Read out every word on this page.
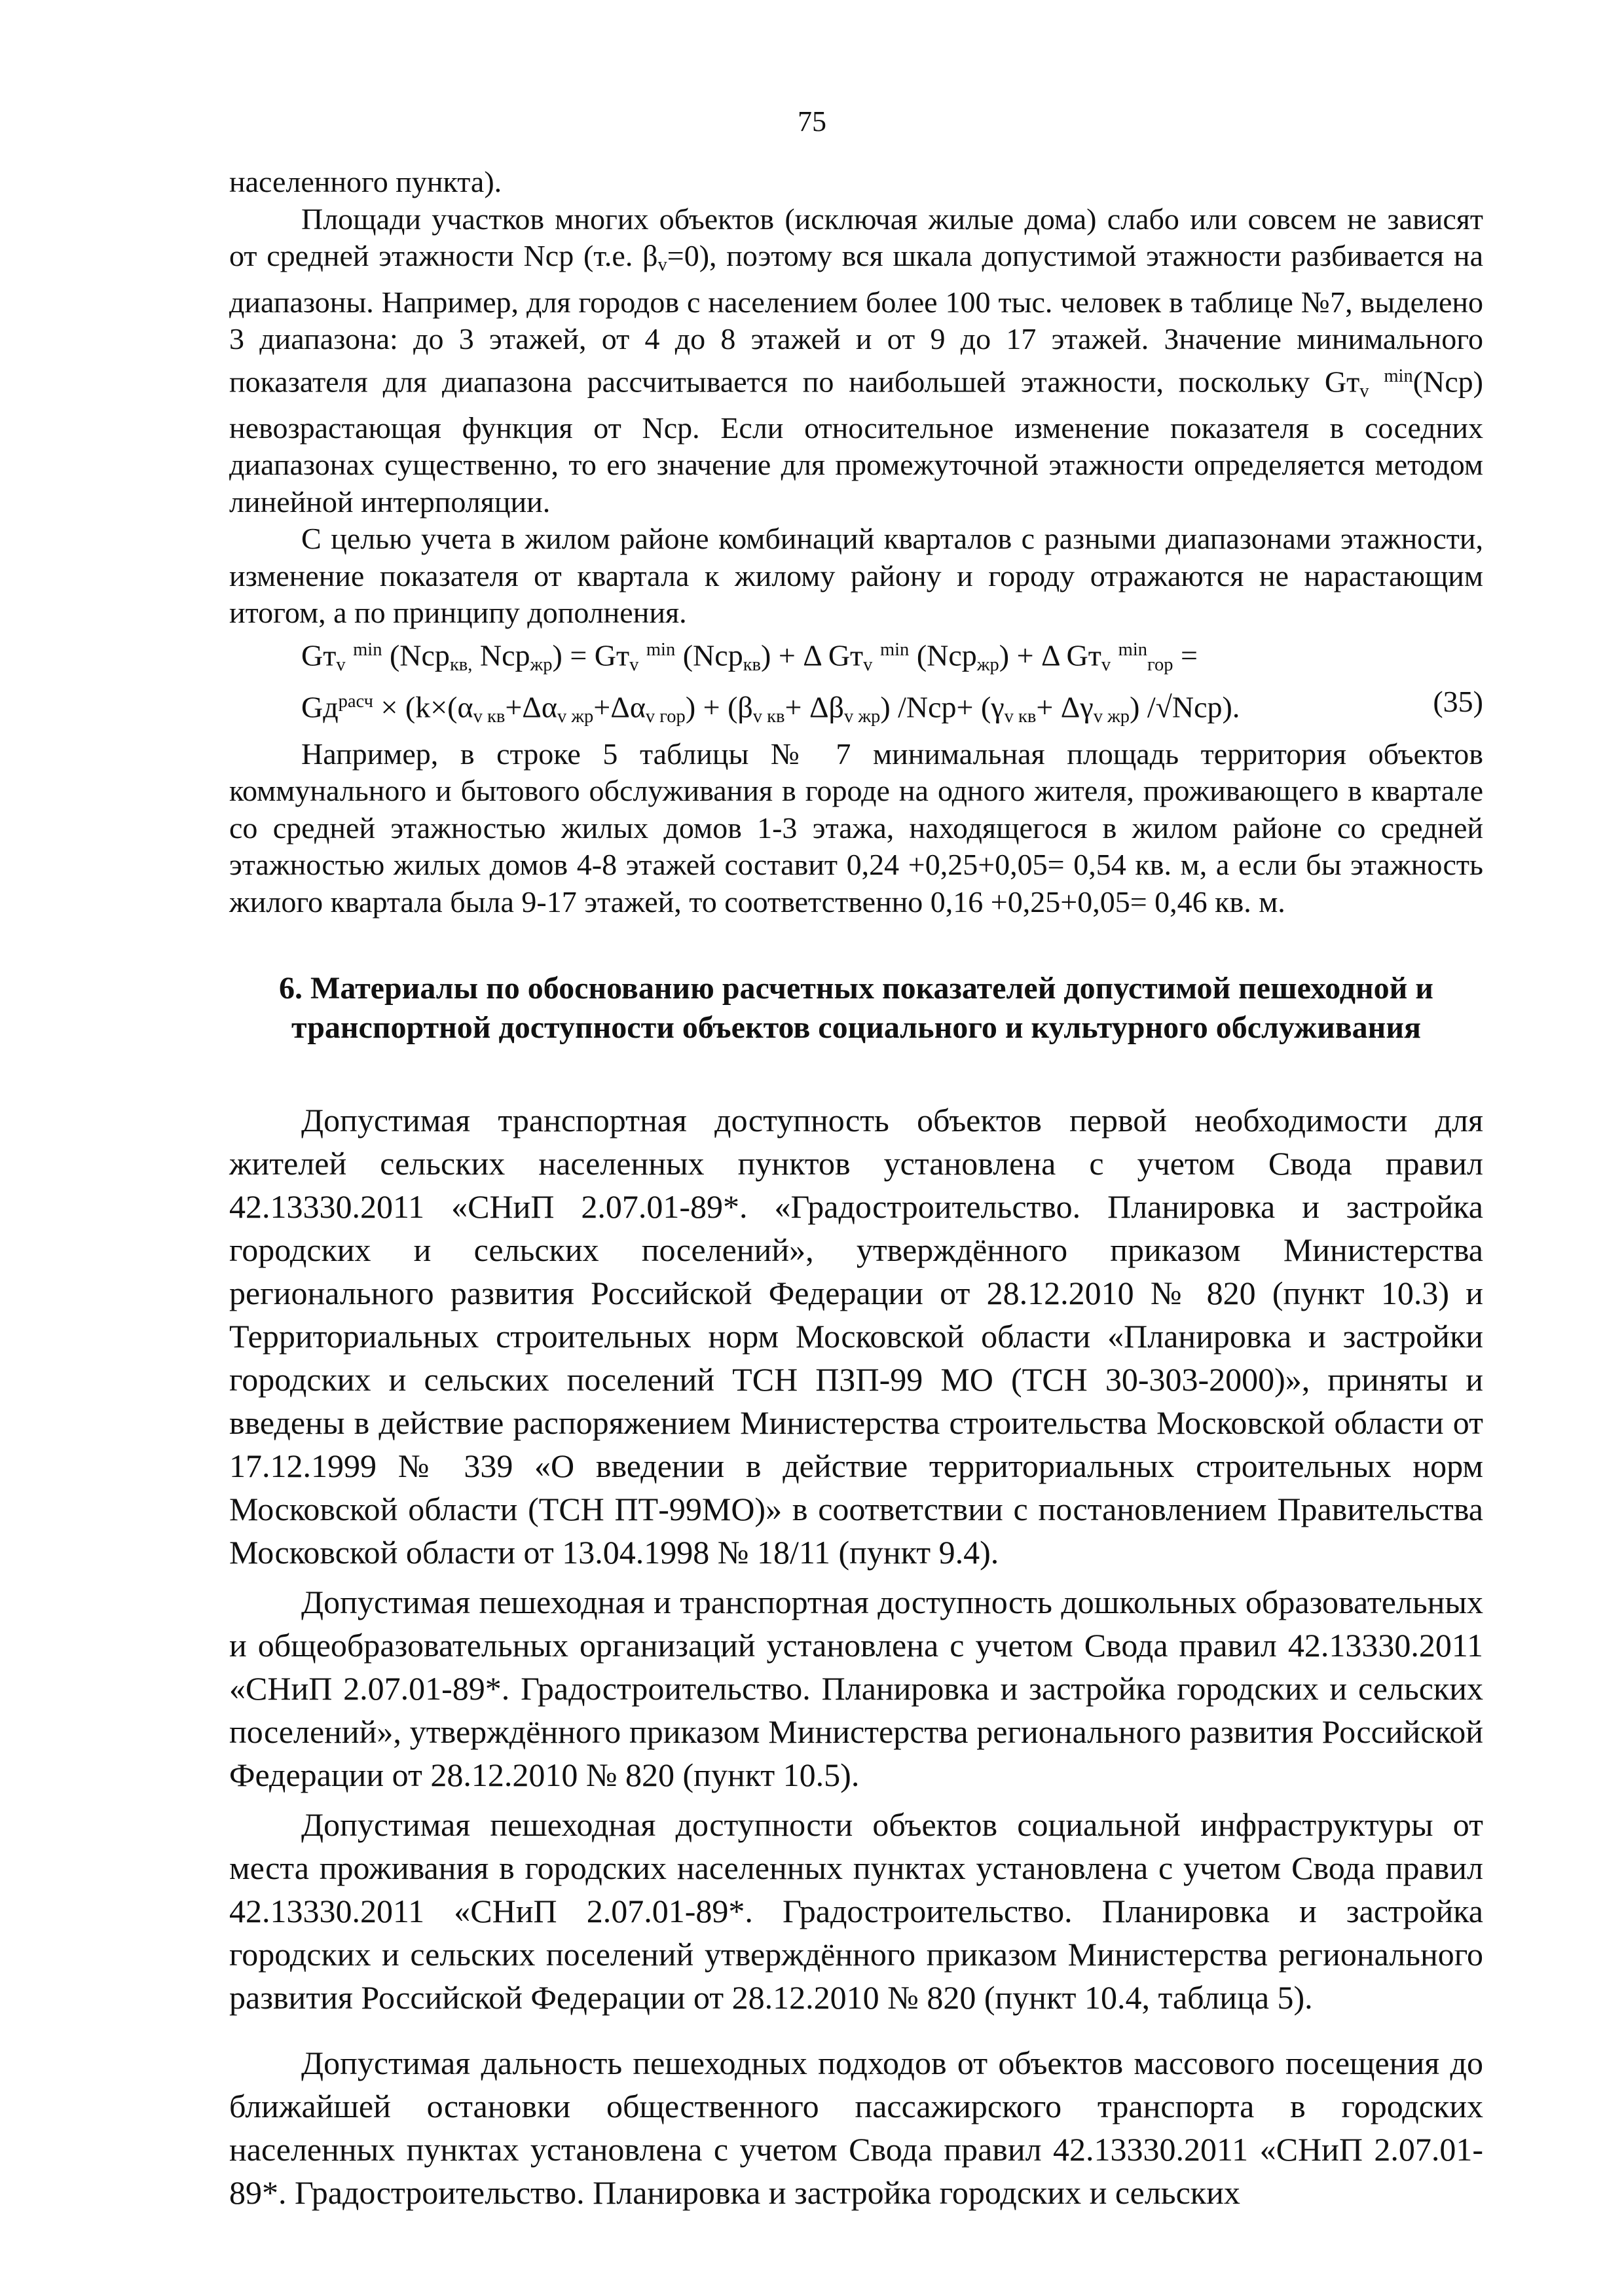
75

населенного пункта).

Площади участков многих объектов (исключая жилые дома) слабо или совсем не зависят от средней этажности Nср (т.е. $\beta_v=0$), поэтому вся шкала допустимой этажности разбивается на диапазоны. Например, для городов с населением более 100 тыс. человек в таблице №7, выделено 3 диапазона: до 3 этажей, от 4 до 8 этажей и от 9 до 17 этажей. Значение минимального показателя для диапазона рассчитывается по наибольшей этажности, поскольку $Gт_v$ $^{min}$(Nср) невозрастающая функция от Nср. Если относительное изменение показателя в соседних диапазонах существенно, то его значение для промежуточной этажности определяется методом линейной интерполяции.

С целью учета в жилом районе комбинаций кварталов с разными диапазонами этажности, изменение показателя от квартала к жилому району и городу отражаются не нарастающим итогом, а по принципу дополнения.

$Gт_v$ $^{min}$ (Nср$_{кв,}$ $Nср_{жр}) = Gт_v$ $^{min}$ (Nср$_{кв}$) + Δ $Gт_v$ $^{min}$ (Nср$_{жр}$) + Δ $Gт_v$ $^{min}_{гор}$ =
$Gд^{расч} \times (k\times(\alpha_{v кв}+\Delta\alpha_{v жр}+\Delta\alpha_{v гор}) + (\beta_{v кв}+ \Delta\beta_{v жр})$ $/Nср+ (\gamma_{v кв}+ \Delta\gamma_{v жр})$ /√Nср).	(35)

Например, в строке 5 таблицы № 7 минимальная площадь территория объектов коммунального и бытового обслуживания в городе на одного жителя, проживающего в квартале со средней этажностью жилых домов 1-3 этажа, находящегося в жилом районе со средней этажностью жилых домов 4-8 этажей составит 0,24 +0,25+0,05= 0,54 кв. м, а если бы этажность жилого квартала была 9-17 этажей, то соответственно 0,16 +0,25+0,05= 0,46 кв. м.

6. Материалы по обоснованию расчетных показателей допустимой пешеходной и транспортной доступности объектов социального и культурного обслуживания

Допустимая транспортная доступность объектов первой необходимости для жителей сельских населенных пунктов установлена с учетом Свода правил 42.13330.2011 «СНиП 2.07.01-89*. «Градостроительство. Планировка и застройка городских и сельских поселений», утверждённого приказом Министерства регионального развития Российской Федерации от 28.12.2010 № 820 (пункт 10.3) и Территориальных строительных норм Московской области «Планировка и застройки городских и сельских поселений ТСН ПЗП-99 МО (ТСН 30-303-2000)», приняты и введены в действие распоряжением Министерства строительства Московской области от 17.12.1999 № 339 «О введении в действие территориальных строительных норм Московской области (ТСН ПТ-99МО)» в соответствии с постановлением Правительства Московской области от 13.04.1998 № 18/11 (пункт 9.4).

Допустимая пешеходная и транспортная доступность дошкольных образовательных и общеобразовательных организаций установлена с учетом Свода правил 42.13330.2011 «СНиП 2.07.01-89*. Градостроительство. Планировка и застройка городских и сельских поселений», утверждённого приказом Министерства регионального развития Российской Федерации от 28.12.2010 № 820 (пункт 10.5).

Допустимая пешеходная доступности объектов социальной инфраструктуры от места проживания в городских населенных пунктах установлена с учетом Свода правил 42.13330.2011 «СНиП 2.07.01-89*. Градостроительство. Планировка и застройка городских и сельских поселений утверждённого приказом Министерства регионального развития Российской Федерации от 28.12.2010 № 820 (пункт 10.4, таблица 5).

Допустимая дальность пешеходных подходов от объектов массового посещения до ближайшей остановки общественного пассажирского транспорта в городских населенных пунктах установлена с учетом Свода правил 42.13330.2011 «СНиП 2.07.01-89*. Градостроительство. Планировка и застройка городских и сельских
